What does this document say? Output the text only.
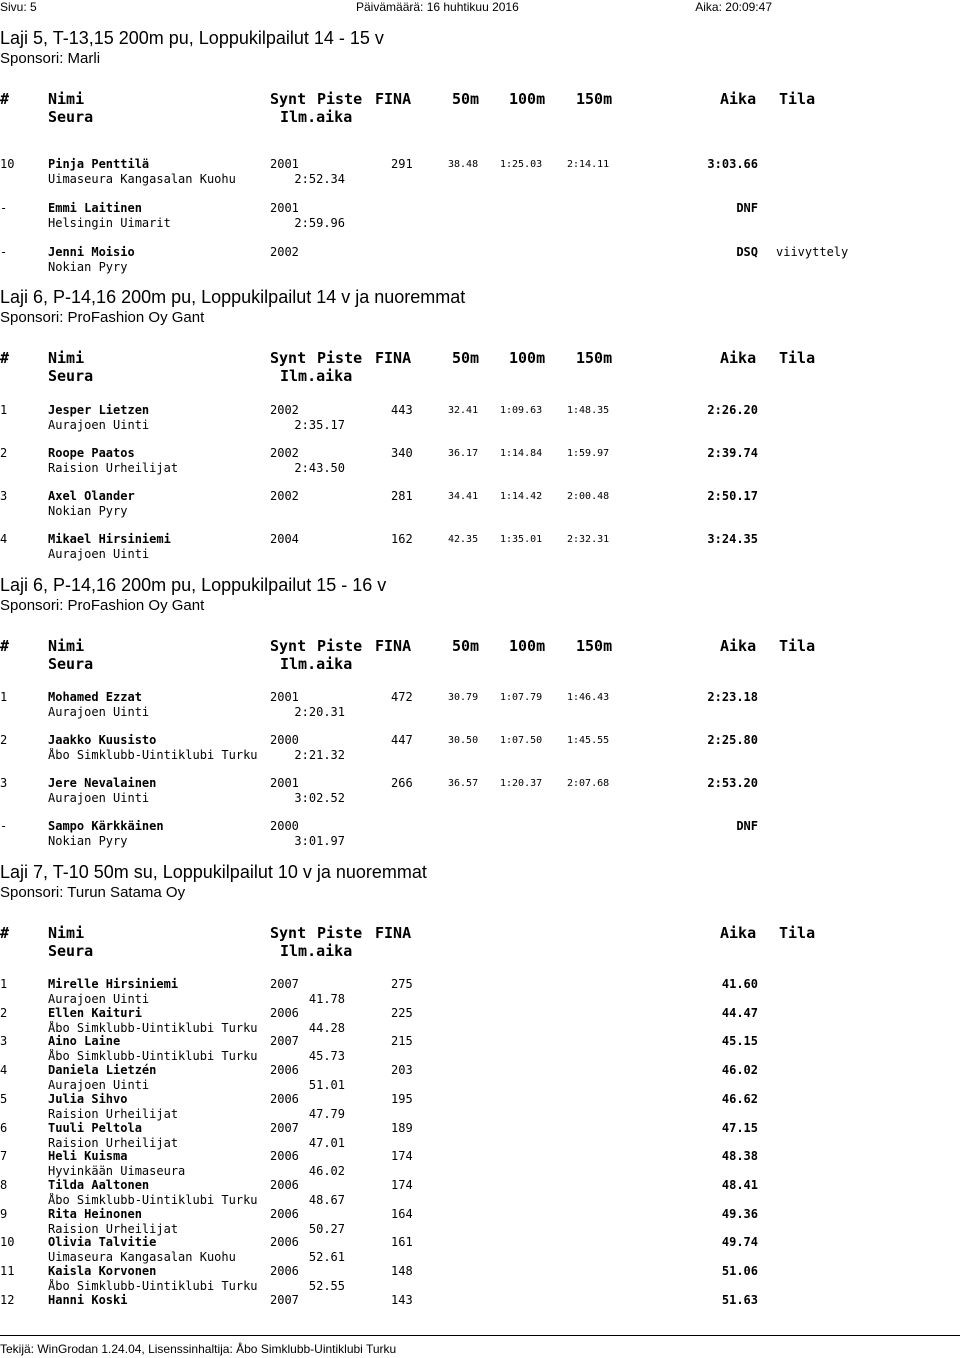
Sivu: 5	Päivämäärä: 16 huhtikuu 2016	Aika: 20:09:47
Laji 5, T-13,15 200m pu, Loppukilpailut 14 - 15 v
Sponsori: Marli
#	Nimi	Synt Piste FINA	50m 100m 150m	Aika Tila
Seura	Ilm.aika
10	Pinja Penttilä	2001	291	38.48 1:25.03 2:14.11	3:03.66
Uimaseura Kangasalan Kuohu	2:52.34
-	Emmi Laitinen	2001	DNF
Helsingin Uimarit	2:59.96
-	Jenni Moisio	2002	DSQ viivyttely
Nokian Pyry
Laji 6, P-14,16 200m pu, Loppukilpailut 14 v ja nuoremmat
Sponsori: ProFashion Oy Gant
#	Nimi	Synt Piste FINA	50m 100m 150m	Aika Tila
Seura	Ilm.aika
1	Jesper Lietzen	2002	443	32.41 1:09.63 1:48.35	2:26.20
Aurajoen Uinti	2:35.17
2	Roope Paatos	2002	340	36.17 1:14.84 1:59.97	2:39.74
Raision Urheilijat	2:43.50
3	Axel Olander	2002	281	34.41 1:14.42 2:00.48	2:50.17
Nokian Pyry
4	Mikael Hirsiniemi	2004	162	42.35 1:35.01 2:32.31	3:24.35
Aurajoen Uinti
Laji 6, P-14,16 200m pu, Loppukilpailut 15 - 16 v
Sponsori: ProFashion Oy Gant
#	Nimi	Synt Piste FINA	50m 100m 150m	Aika Tila
Seura	Ilm.aika
1	Mohamed Ezzat	2001	472	30.79 1:07.79 1:46.43	2:23.18
Aurajoen Uinti	2:20.31
2	Jaakko Kuusisto	2000	447	30.50 1:07.50 1:45.55	2:25.80
Åbo Simklubb-Uintiklubi Turku	2:21.32
3	Jere Nevalainen	2001	266	36.57 1:20.37 2:07.68	2:53.20
Aurajoen Uinti	3:02.52
-	Sampo Kärkkäinen	2000	DNF
Nokian Pyry	3:01.97
Laji 7, T-10 50m su, Loppukilpailut 10 v ja nuoremmat
Sponsori: Turun Satama Oy
#	Nimi	Synt Piste FINA	Aika Tila
Seura	Ilm.aika
1	Mirelle Hirsiniemi	2007	275	41.60
Aurajoen Uinti	41.78
2	Ellen Kaituri	2006	225	44.47
Åbo Simklubb-Uintiklubi Turku	44.28
3	Aino Laine	2007	215	45.15
Åbo Simklubb-Uintiklubi Turku	45.73
4	Daniela Lietzén	2006	203	46.02
Aurajoen Uinti	51.01
5	Julia Sihvo	2006	195	46.62
Raision Urheilijat	47.79
6	Tuuli Peltola	2007	189	47.15
Raision Urheilijat	47.01
7	Heli Kuisma	2006	174	48.38
Hyvinkään Uimaseura	46.02
8	Tilda Aaltonen	2006	174	48.41
Åbo Simklubb-Uintiklubi Turku	48.67
9	Rita Heinonen	2006	164	49.36
Raision Urheilijat	50.27
10	Olivia Talvitie	2006	161	49.74
Uimaseura Kangasalan Kuohu	52.61
11	Kaisla Korvonen	2006	148	51.06
Åbo Simklubb-Uintiklubi Turku	52.55
12	Hanni Koski	2007	143	51.63
Tekijä: WinGrodan 1.24.04, Lisenssinhaltija: Åbo Simklubb-Uintiklubi Turku
